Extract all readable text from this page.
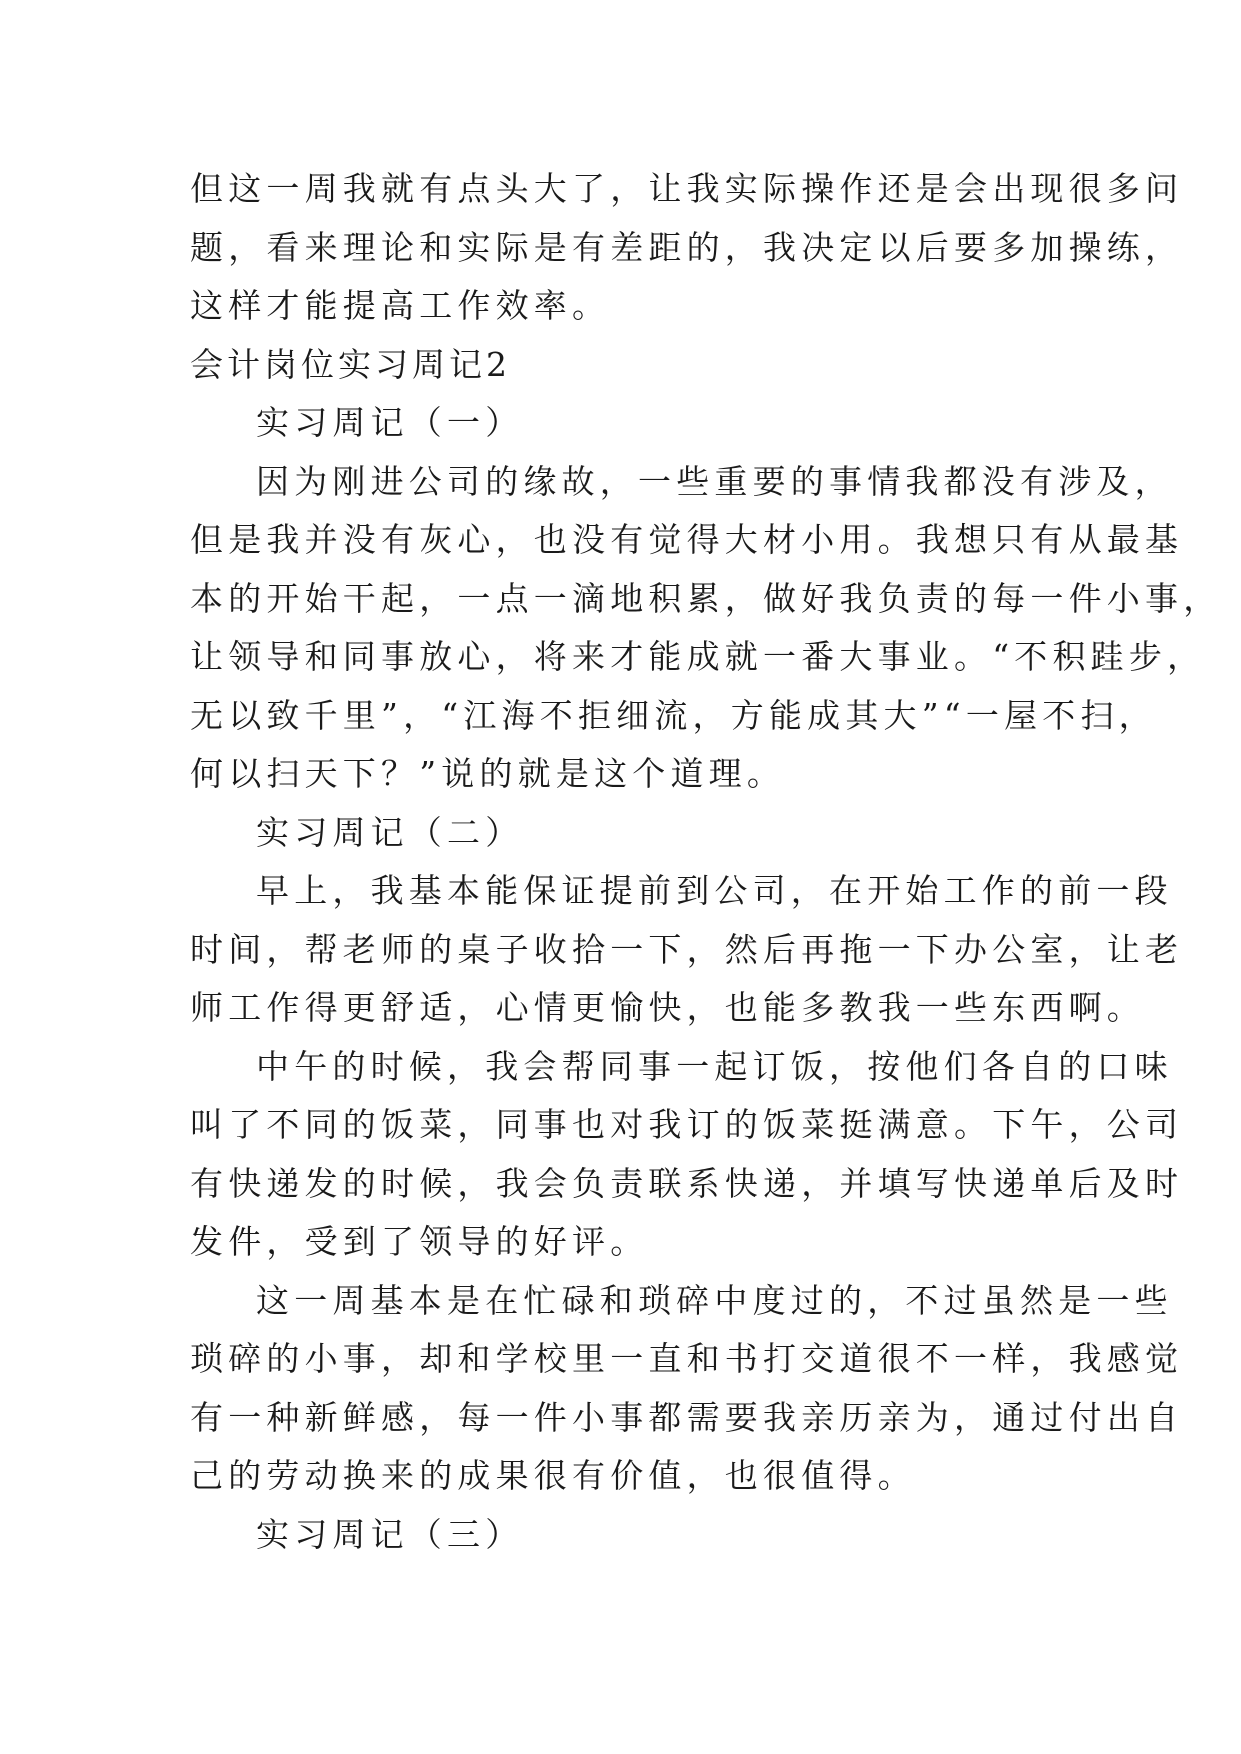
但这一周我就有点头大了，让我实际操作还是会出现很多问
题，看来理论和实际是有差距的，我决定以后要多加操练，
这样才能提高工作效率。
会计岗位实习周记2
实习周记（一）
因为刚进公司的缘故，一些重要的事情我都没有涉及，
但是我并没有灰心，也没有觉得大材小用。我想只有从最基
本的开始干起，一点一滴地积累，做好我负责的每一件小事，
让领导和同事放心，将来才能成就一番大事业。“不积跬步，
无以致千里”，“江海不拒细流，方能成其大”“一屋不扫，
何以扫天下？”说的就是这个道理。
实习周记（二）
早上，我基本能保证提前到公司，在开始工作的前一段
时间，帮老师的桌子收拾一下，然后再拖一下办公室，让老
师工作得更舒适，心情更愉快，也能多教我一些东西啊。
中午的时候，我会帮同事一起订饭，按他们各自的口味
叫了不同的饭菜，同事也对我订的饭菜挺满意。下午，公司
有快递发的时候，我会负责联系快递，并填写快递单后及时
发件，受到了领导的好评。
这一周基本是在忙碌和琐碎中度过的，不过虽然是一些
琐碎的小事，却和学校里一直和书打交道很不一样，我感觉
有一种新鲜感，每一件小事都需要我亲历亲为，通过付出自
己的劳动换来的成果很有价值，也很值得。
实习周记（三）
